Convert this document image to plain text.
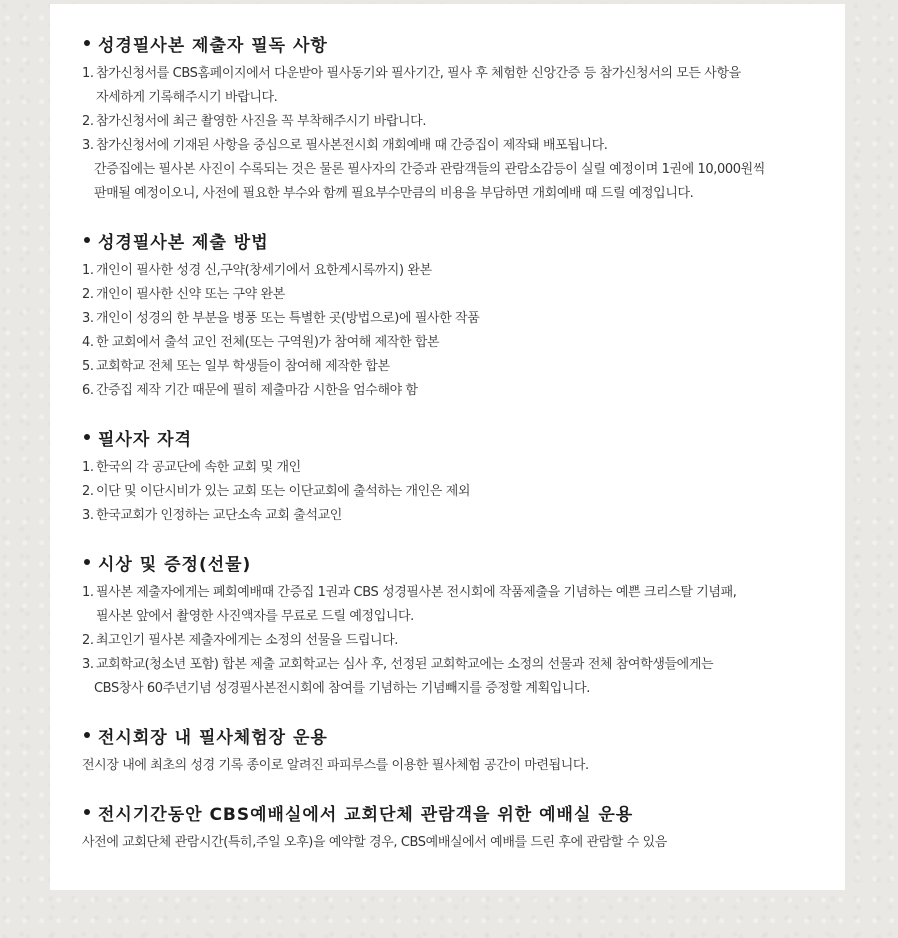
성경필사본 제출자 필독 사항
1. 참가신청서를 CBS홈페이지에서 다운받아 필사동기와 필사기간, 필사 후 체험한 신앙간증 등 참가신청서의 모든 사항을
자세하게 기록해주시기 바랍니다.
2. 참가신청서에 최근 촬영한 사진을 꼭 부착해주시기 바랍니다.
3. 참가신청서에 기재된 사항을 중심으로 필사본전시회 개회예배 때 간증집이 제작돼 배포됩니다.
간증집에는 필사본 사진이 수록되는 것은 물론 필사자의 간증과 관람객들의 관람소감등이 실릴 예정이며 1권에 10,000원씩
판매될 예정이오니, 사전에 필요한 부수와 함께 필요부수만큼의 비용을 부담하면 개회예배 때 드릴 예정입니다.
성경필사본 제출 방법
1. 개인이 필사한 성경 신,구약(창세기에서 요한계시록까지) 완본
2. 개인이 필사한 신약 또는 구약 완본
3. 개인이 성경의 한 부분을 병풍 또는 특별한 곳(방법으로)에 필사한 작품
4. 한 교회에서 출석 교인 전체(또는 구역원)가 참여해 제작한 합본
5. 교회학교 전체 또는 일부 학생들이 참여해 제작한 합본
6. 간증집 제작 기간 때문에 필히 제출마감 시한을 엄수해야 함
필사자 자격
1. 한국의 각 공교단에 속한 교회 및 개인
2. 이단 및 이단시비가 있는 교회 또는 이단교회에 출석하는 개인은 제외
3. 한국교회가 인정하는 교단소속 교회 출석교인
시상 및 증정(선물)
1. 필사본 제출자에게는 폐회예배때 간증집 1권과 CBS 성경필사본 전시회에 작품제출을 기념하는 예쁜 크리스탈 기념패,
필사본 앞에서 촬영한 사진액자를 무료로 드릴 예정입니다.
2. 최고인기 필사본 제출자에게는 소정의 선물을 드립니다.
3. 교회학교(청소년 포함) 합본 제출 교회학교는 심사 후, 선정된 교회학교에는 소정의 선물과 전체 참여학생들에게는
CBS창사 60주년기념 성경필사본전시회에 참여를 기념하는 기념빼지를 증정할 계획입니다.
전시회장 내 필사체험장 운용
전시장 내에 최초의 성경 기록 종이로 알려진 파피루스를 이용한 필사체험 공간이 마련됩니다.
전시기간동안 CBS예배실에서 교회단체 관람객을 위한 예배실 운용
사전에 교회단체 관람시간(특히,주일 오후)을 예약할 경우, CBS예배실에서 예배를 드린 후에 관람할 수 있음
